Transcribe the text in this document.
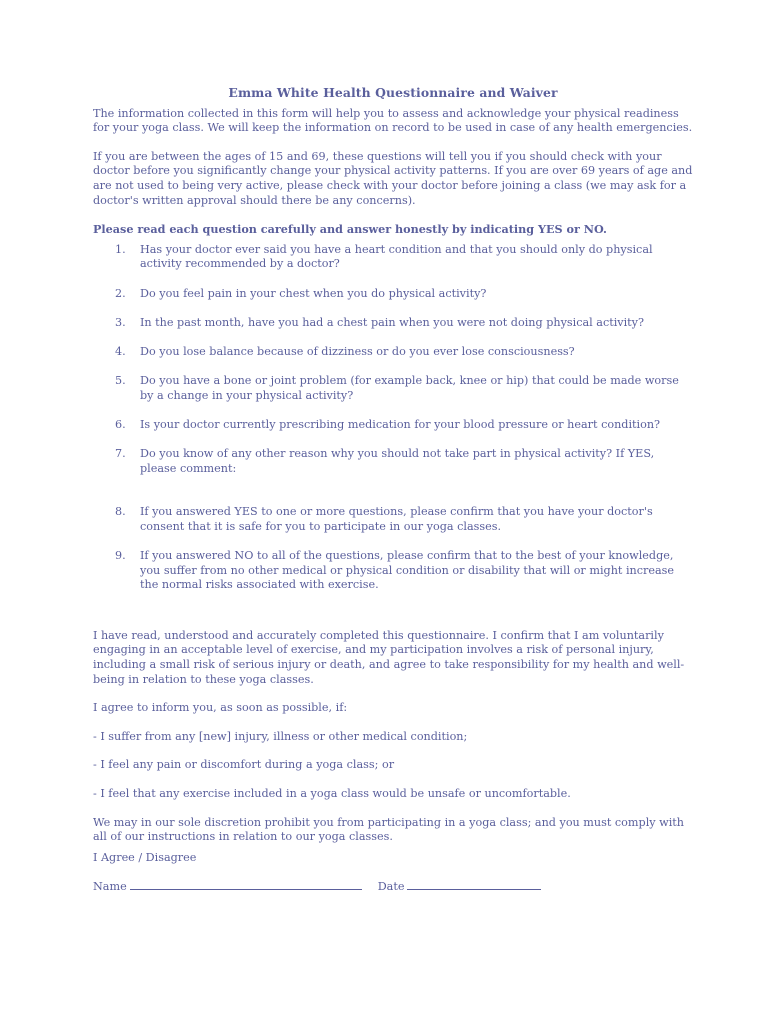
Emma White Health Questionnaire and Waiver

The information collected in this form will help you to assess and acknowledge your physical readiness for your yoga class. We will keep the information on record to be used in case of any health emergencies.

If you are between the ages of 15 and 69, these questions will tell you if you should check with your doctor before you significantly change your physical activity patterns. If you are over 69 years of age and are not used to being very active, please check with your doctor before joining a class (we may ask for a doctor's written approval should there be any concerns).

Please read each question carefully and answer honestly by indicating YES or NO.

1. Has your doctor ever said you have a heart condition and that you should only do physical activity recommended by a doctor?
2. Do you feel pain in your chest when you do physical activity?
3. In the past month, have you had a chest pain when you were not doing physical activity?
4. Do you lose balance because of dizziness or do you ever lose consciousness?
5. Do you have a bone or joint problem (for example back, knee or hip) that could be made worse by a change in your physical activity?
6. Is your doctor currently prescribing medication for your blood pressure or heart condition?
7. Do you know of any other reason why you should not take part in physical activity? If YES, please comment:
8. If you answered YES to one or more questions, please confirm that you have your doctor's consent that it is safe for you to participate in our yoga classes.
9. If you answered NO to all of the questions, please confirm that to the best of your knowledge, you suffer from no other medical or physical condition or disability that will or might increase the normal risks associated with exercise.

I have read, understood and accurately completed this questionnaire. I confirm that I am voluntarily engaging in an acceptable level of exercise, and my participation involves a risk of personal injury, including a small risk of serious injury or death, and agree to take responsibility for my health and well-being in relation to these yoga classes.

I agree to inform you, as soon as possible, if:

- I suffer from any [new] injury, illness or other medical condition;

- I feel any pain or discomfort during a yoga class; or

- I feel that any exercise included in a yoga class would be unsafe or uncomfortable.

We may in our sole discretion prohibit you from participating in a yoga class; and you must comply with all of our instructions in relation to our yoga classes.

I Agree / Disagree

Name	Date
